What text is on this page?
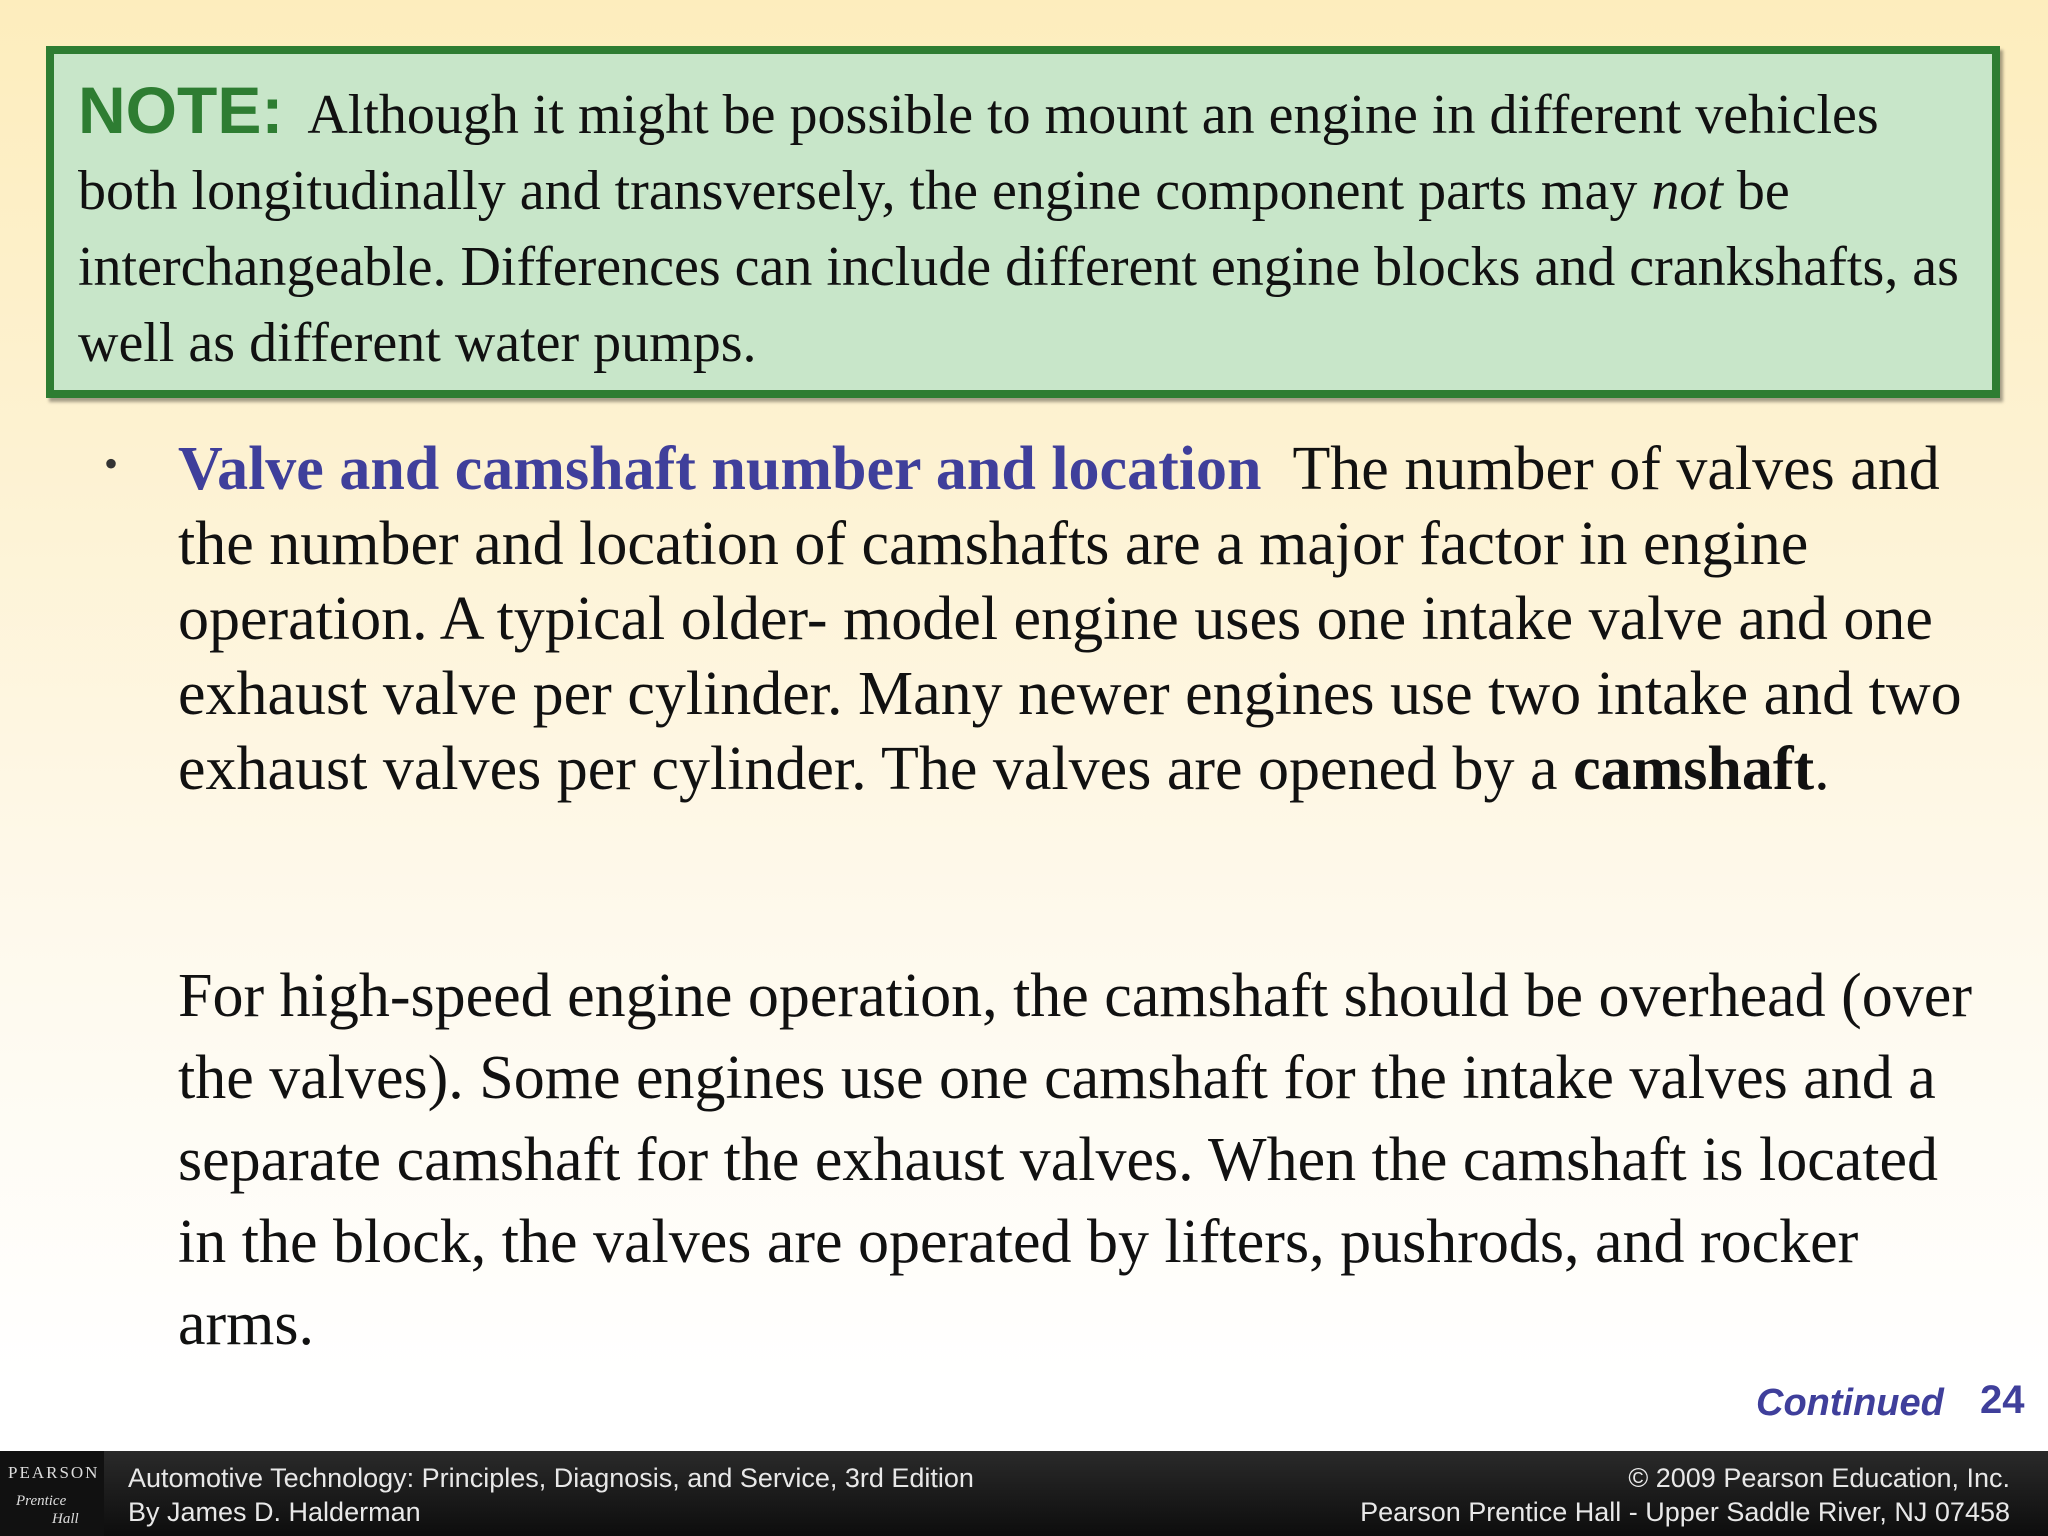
NOTE: Although it might be possible to mount an engine in different vehicles both longitudinally and transversely, the engine component parts may not be interchangeable. Differences can include different engine blocks and crankshafts, as well as different water pumps.
• Valve and camshaft number and location The number of valves and the number and location of camshafts are a major factor in engine operation. A typical older- model engine uses one intake valve and one exhaust valve per cylinder. Many newer engines use two intake and two exhaust valves per cylinder. The valves are opened by a camshaft.
For high-speed engine operation, the camshaft should be overhead (over the valves). Some engines use one camshaft for the intake valves and a separate camshaft for the exhaust valves. When the camshaft is located in the block, the valves are operated by lifters, pushrods, and rocker arms.
Continued 24
PEARSON
Prentice
Hall
Automotive Technology: Principles, Diagnosis, and Service, 3rd Edition
By James D. Halderman
© 2009 Pearson Education, Inc.
Pearson Prentice Hall - Upper Saddle River, NJ 07458
